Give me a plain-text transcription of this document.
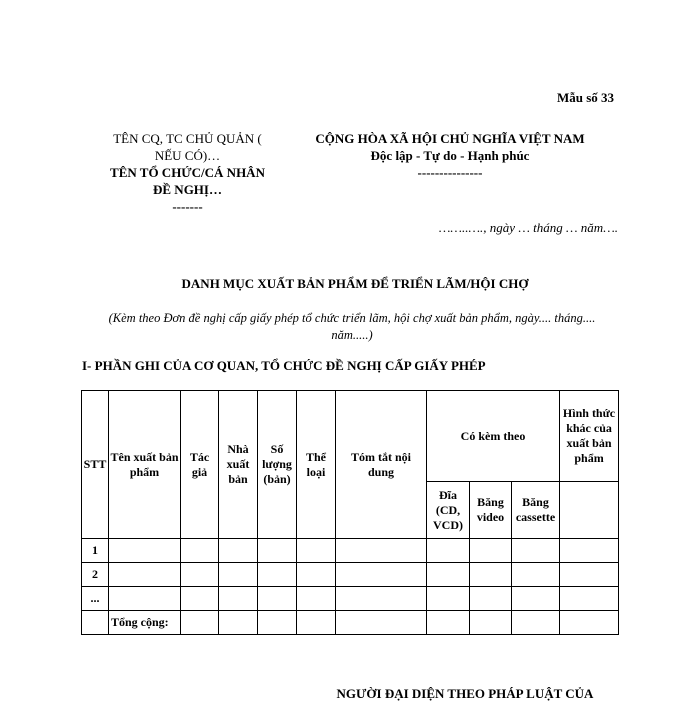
Mẫu số 33
TÊN CQ, TC CHỦ QUẢN (
NẾU CÓ)…
TÊN TỔ CHỨC/CÁ NHÂN
ĐỀ NGHỊ…
-------
CỘNG HÒA XÃ HỘI CHỦ NGHĨA VIỆT NAM
Độc lập - Tự do - Hạnh phúc
---------------
……..…., ngày … tháng … năm….
DANH MỤC XUẤT BẢN PHẨM ĐỂ TRIỂN LÃM/HỘI CHỢ
(Kèm theo Đơn đề nghị cấp giấy phép tổ chức triển lãm, hội chợ xuất bản phẩm, ngày.... tháng....
năm.....)
I- PHẦN GHI CỦA CƠ QUAN, TỔ CHỨC ĐỀ NGHỊ CẤP GIẤY PHÉP
STT	Tên xuất bản phẩm	Tác giả	Nhà xuất bản	Số lượng (bản)	Thể loại	Tóm tắt nội dung	Có kèm theo			Hình thức khác của xuất bản phẩm
							Đĩa (CD, VCD)	Băng video	Băng cassette	
1										
2										
...										
	Tổng cộng:									
NGƯỜI ĐẠI DIỆN THEO PHÁP LUẬT CỦA
